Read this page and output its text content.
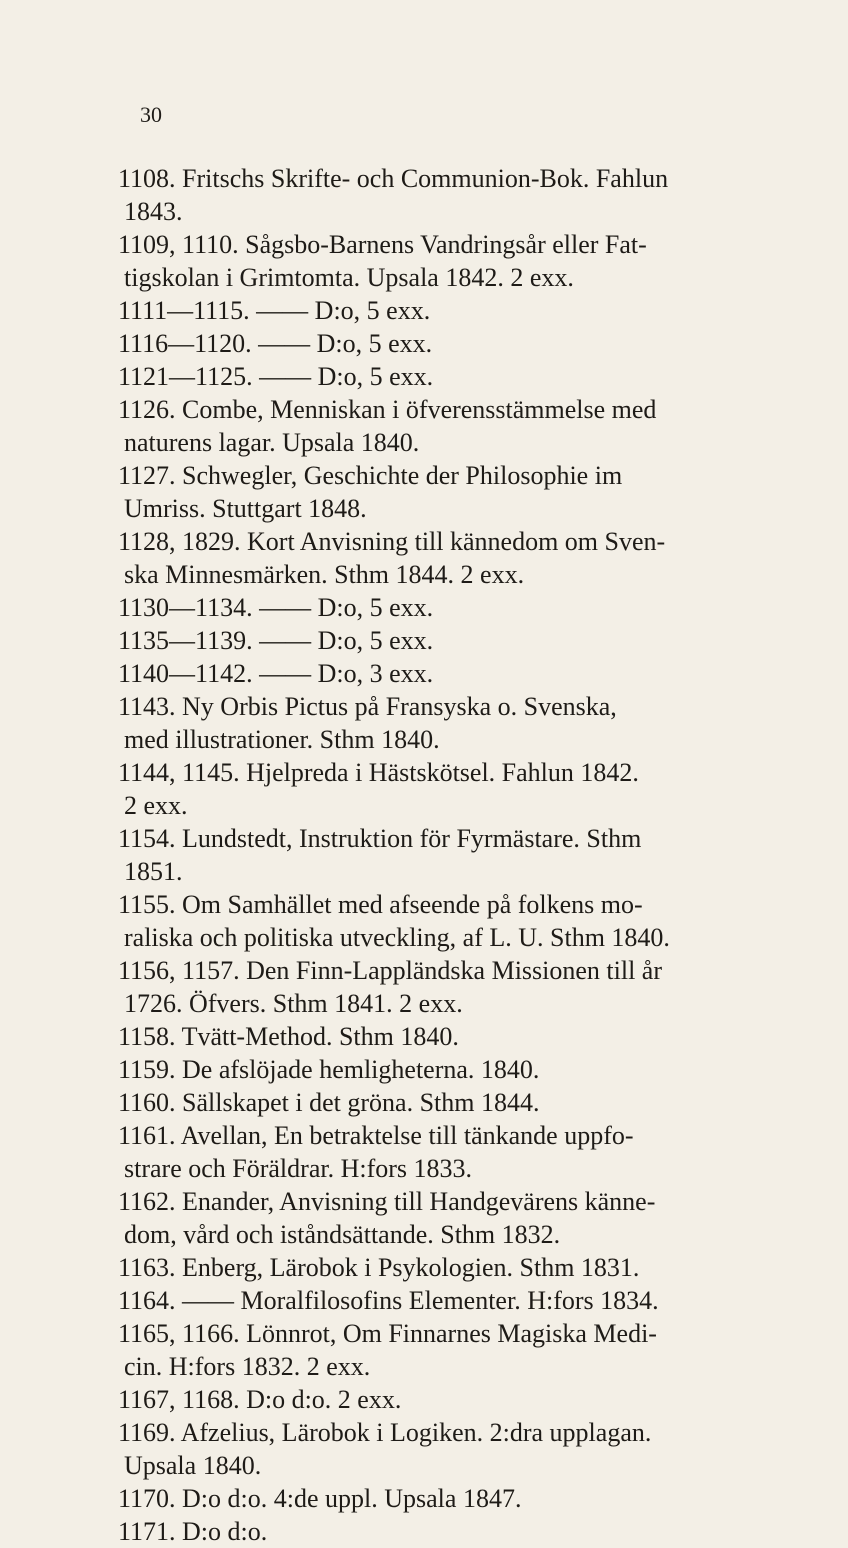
30

1108. Fritschs Skrifte- och Communion-Bok. Fahlun
1843.

1109, 1110. Sågsbo-Barnens Vandringsår eller Fat-
tigskolan i Grimtomta. Upsala 1842. 2 exx.

1111—1115. —— D:o, 5 exx.

1116—1120. —— D:o, 5 exx.

1121—1125. —— D:o, 5 exx.

1126. Combe, Menniskan i öfverensstämmelse med
naturens lagar. Upsala 1840.

1127. Schwegler, Geschichte der Philosophie im
Umriss. Stuttgart 1848.

1128, 1829. Kort Anvisning till kännedom om Sven-
ska Minnesmärken. Sthm 1844. 2 exx.

1130—1134. —— D:o, 5 exx.

1135—1139. —— D:o, 5 exx.

1140—1142. —— D:o, 3 exx.

1143. Ny Orbis Pictus på Fransyska o. Svenska,
med illustrationer. Sthm 1840.

1144, 1145. Hjelpreda i Hästskötsel. Fahlun 1842.
2 exx.

1154. Lundstedt, Instruktion för Fyrmästare. Sthm
1851.

1155. Om Samhället med afseende på folkens mo-
raliska och politiska utveckling, af L. U. Sthm 1840.

1156, 1157. Den Finn-Lappländska Missionen till år
1726. Öfvers. Sthm 1841. 2 exx.

1158. Tvätt-Method. Sthm 1840.

1159. De afslöjade hemligheterna. 1840.

1160. Sällskapet i det gröna. Sthm 1844.

1161. Avellan, En betraktelse till tänkande uppfo-
strare och Föräldrar. H:fors 1833.

1162. Enander, Anvisning till Handgevärens känne-
dom, vård och iståndsättande. Sthm 1832.

1163. Enberg, Lärobok i Psykologien. Sthm 1831.

1164. —— Moralfilosofins Elementer. H:fors 1834.

1165, 1166. Lönnrot, Om Finnarnes Magiska Medi-
cin. H:fors 1832. 2 exx.

1167, 1168. D:o d:o. 2 exx.

1169. Afzelius, Lärobok i Logiken. 2:dra upplagan.
Upsala 1840.

1170. D:o d:o. 4:de uppl. Upsala 1847.

1171. D:o d:o.
